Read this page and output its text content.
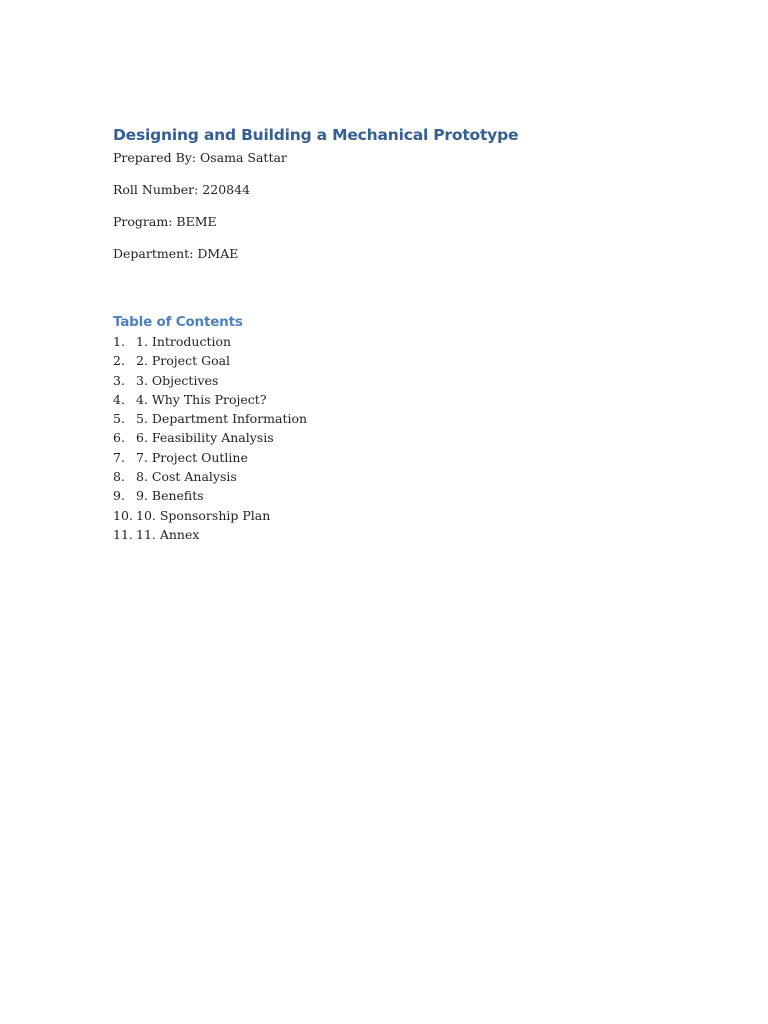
Designing and Building a Mechanical Prototype

Prepared By: Osama Sattar

Roll Number: 220844

Program: BEME

Department: DMAE

Table of Contents
1. 1. Introduction
2. 2. Project Goal
3. 3. Objectives
4. 4. Why This Project?
5. 5. Department Information
6. 6. Feasibility Analysis
7. 7. Project Outline
8. 8. Cost Analysis
9. 9. Benefits
10. 10. Sponsorship Plan
11. 11. Annex
